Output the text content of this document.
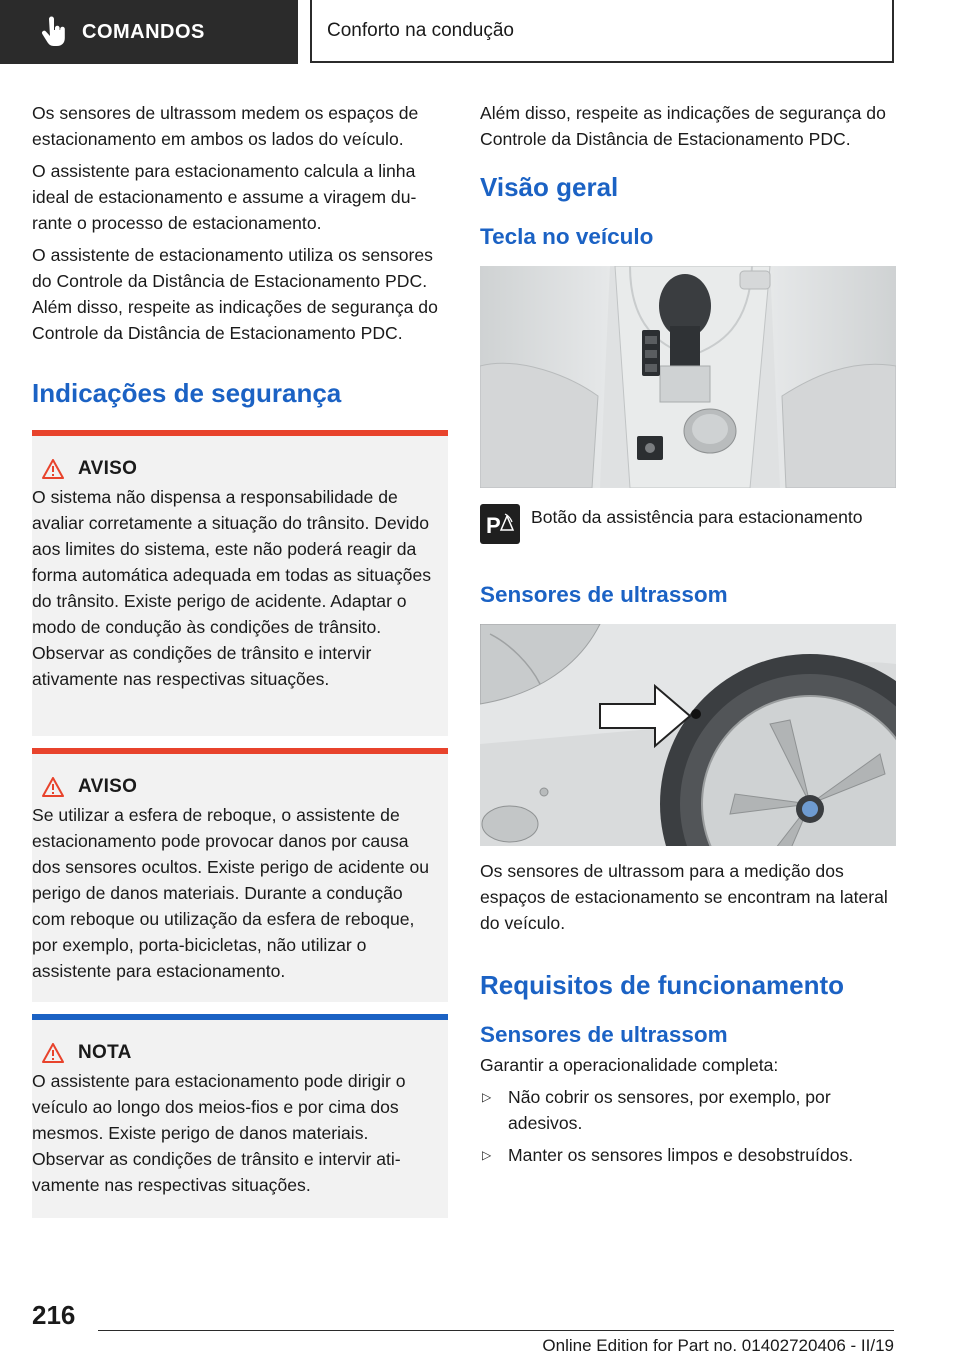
COMANDOS	Conforto na condução

Os sensores de ultrassom medem os espaços de estacionamento em ambos os lados do veículo.

O assistente para estacionamento calcula a linha ideal de estacionamento e assume a viragem durante o processo de estacionamento.

O assistente de estacionamento utiliza os sensores do Controle da Distância de Estacionamento PDC. Além disso, respeite as indicações de segurança do Controle da Distância de Estacionamento PDC.

Indicações de segurança
AVISO

O sistema não dispensa a responsabilidade de avaliar corretamente a situação do trânsito. Devido aos limites do sistema, este não poderá reagir da forma automática adequada em todas as situações do trânsito. Existe perigo de acidente. Adaptar o modo de condução às condições de trânsito. Observar as condições de trânsito e intervir ativamente nas respectivas situações.

AVISO

Se utilizar a esfera de reboque, o assistente de estacionamento pode provocar danos por causa dos sensores ocultos. Existe perigo de acidente ou perigo de danos materiais. Durante a condução com reboque ou utilização da esfera de reboque, por exemplo, porta-bicicletas, não utilizar o assistente para estacionamento.

NOTA

O assistente para estacionamento pode dirigir o veículo ao longo dos meios-fios e por cima dos mesmos. Existe perigo de danos materiais. Observar as condições de trânsito e intervir ativamente nas respectivas situações.

Além disso, respeite as indicações de segurança do Controle da Distância de Estacionamento PDC.

Visão geral
Tecla no veículo
P Botão da assistência para estacionamento
Sensores de ultrassom

Os sensores de ultrassom para a medição dos espaços de estacionamento se encontram na lateral do veículo.

Requisitos de funcionamento
Sensores de ultrassom

Garantir a operacionalidade completa:

▷ Não cobrir os sensores, por exemplo, por adesivos.
▷ Manter os sensores limpos e desobstruídos.
216
Online Edition for Part no. 01402720406 - II/19
